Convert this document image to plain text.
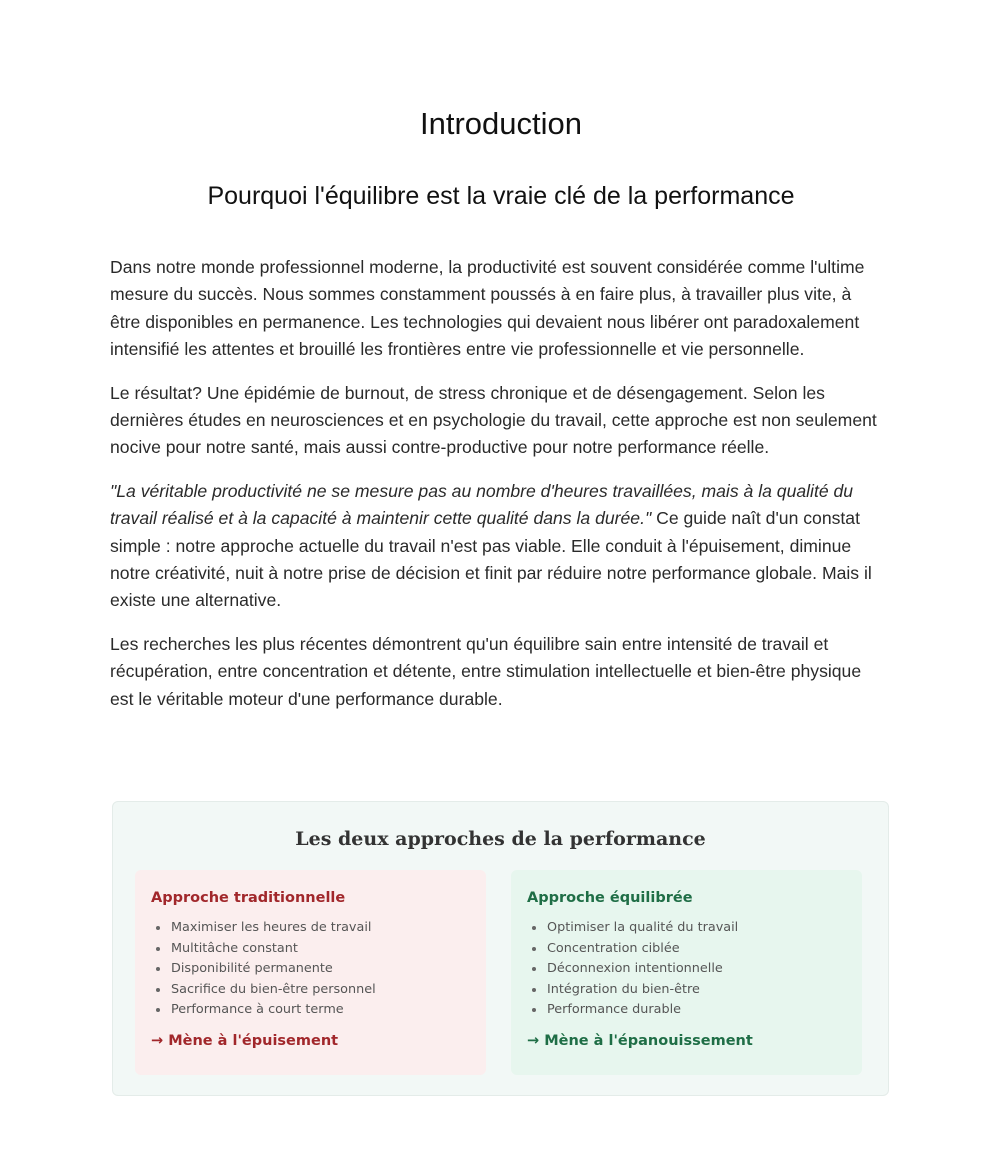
Introduction
Pourquoi l'équilibre est la vraie clé de la performance

Dans notre monde professionnel moderne, la productivité est souvent considérée comme l'ultime mesure du succès. Nous sommes constamment poussés à en faire plus, à travailler plus vite, à être disponibles en permanence. Les technologies qui devaient nous libérer ont paradoxalement intensifié les attentes et brouillé les frontières entre vie professionnelle et vie personnelle.

Le résultat? Une épidémie de burnout, de stress chronique et de désengagement. Selon les dernières études en neurosciences et en psychologie du travail, cette approche est non seulement nocive pour notre santé, mais aussi contre-productive pour notre performance réelle.

"La véritable productivité ne se mesure pas au nombre d'heures travaillées, mais à la qualité du travail réalisé et à la capacité à maintenir cette qualité dans la durée." Ce guide naît d'un constat simple : notre approche actuelle du travail n'est pas viable. Elle conduit à l'épuisement, diminue notre créativité, nuit à notre prise de décision et finit par réduire notre performance globale. Mais il existe une alternative.

Les recherches les plus récentes démontrent qu'un équilibre sain entre intensité de travail et récupération, entre concentration et détente, entre stimulation intellectuelle et bien-être physique est le véritable moteur d'une performance durable.

Les deux approches de la performance
Approche traditionnelle
Maximiser les heures de travail
Multitâche constant
Disponibilité permanente
Sacrifice du bien-être personnel
Performance à court terme
→ Mène à l'épuisement
Approche équilibrée
Optimiser la qualité du travail
Concentration ciblée
Déconnexion intentionnelle
Intégration du bien-être
Performance durable
→ Mène à l'épanouissement
